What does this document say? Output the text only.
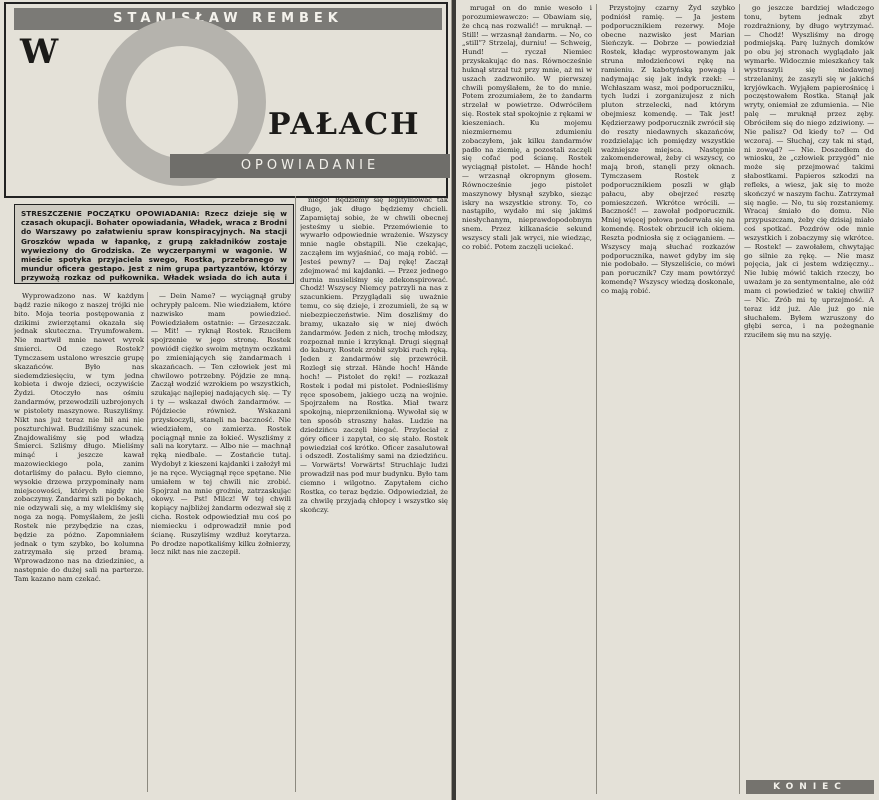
STANISŁAW REMBEK
W
PAŁACH
OPOWIADANIE
STRESZCZENIE POCZĄTKU OPOWIADANIA: Rzecz dzieje się w czasach okupacji. Bohater opowiadania, Władek, wraca z Brodni do Warszawy po załatwieniu spraw konspiracyjnych. Na stacji Groszków wpada w łapankę, z grupą zakładników zostaje wywieziony do Grodziska. Ze wyczerpanymi w wagonie. W mieście spotyka przyjaciela swego, Rostka, przebranego w mundur oficera gestapo. Jest z nim grupa partyzantów, którzy przywożą rozkaz od pułkownika. Władek wsiada do ich auta i

Wyprowadzono nas. W każdym bądź razie nikogo z naszej trójki nie bito. Moja teoria postępowania z dzikimi zwierzętami okazała się jednak skuteczna. Tryumfowałem. Nie martwił mnie nawet wyrok śmierci. Od czego Rostek? Tymczasem ustalono wreszcie grupę skazańców. Było nas siedemdziesięciu, w tym jedna kobieta i dwoje dzieci, oczywiście Żydzi. Otoczyło nas ośmiu żandarmów, przewodzili uzbrojonych w pistolety maszynowe. Ruszyliśmy. Nikt nas już teraz nie bił ani nie poszturchiwał. Budziliśmy szacunek. Znajdowaliśmy się pod władzą Śmierci. Szliśmy długo. Mieliśmy minąć i jeszcze kawał mazowieckiego pola, zanim dotarliśmy do pałacu. Było ciemno, wysokie drzewa przypominały nam miejscowości, których nigdy nie zobaczymy. Żandarmi szli po bokach, nie odzywali się, a my wlekliśmy się noga za nogą. Pomyślałem, że jeśli Rostek nie przybędzie na czas, będzie za późno. Zapomniałem jednak o tym szybko, bo kolumna zatrzymała się przed bramą. Wprowadzono nas na dziedziniec, a następnie do dużej sali na parterze. Tam kazano nam czekać.

— Dein Name? — wyciągnął gruby ochrypły palcem. Nie wiedziałem, które nazwisko mam powiedzieć. Powiedziałem ostatnie: — Grzeszczak. — Mit! — ryknął Rostek. Rzuciłem spojrzenie w jego stronę. Rostek powiódł ciężko swoim mętnym oczkami po zmieniających się żandarmach i skazańcach. — Ten człowiek jest mi chwilowo potrzebny. Pójdzie ze mną. Zaczął wodzić wzrokiem po wszystkich, szukając najlepiej nadających się. — Ty i ty — wskazał dwóch żandarmów. — Pójdziecie również. Wskazani przyskoczyli, stanęli na baczność. Nie wiedziałem, co zamierza. Rostek pociągnął mnie za łokieć. Wyszliśmy z sali na korytarz. — Albo nie — machnął ręką niedbale. — Zostańcie tutaj. Wydobył z kieszeni kajdanki i założył mi je na ręce. Wyciągnął ręce spętane. Nie umiałem w tej chwili nic zrobić. Spojrzał na mnie groźnie, zatrzaskując okowy. — Pst! Milcz! W tej chwili kopiący najbliżej żandarm odezwał się z cicha. Rostek odpowiedział mu coś po niemiecku i odprowadził mnie pod ścianę. Ruszyliśmy wzdłuż korytarza. Po drodze napotkaliśmy kilku żołnierzy, lecz nikt nas nie zaczepił.

niego! Będziemy się legitymować tak długo, jak długo będziemy chcieli. Zapamiętaj sobie, że w chwili obecnej jesteśmy u siebie. Przemówienie to wywarło odpowiednie wrażenie. Wszyscy mnie nagle obstąpili. Nie czekając, zacząłem im wyjaśniać, co mają robić. — Jesteś pewny? — Daj rękę! Zaczął zdejmować mi kajdanki. — Przez jednego durnia musieliśmy się zdekonspirować. Chodź! Wszyscy Niemcy patrzyli na nas z szacunkiem. Przyglądali się uważnie temu, co się dzieje, i zrozumieli, że są w niebezpieczeństwie. Nim doszliśmy do bramy, ukazało się w niej dwóch żandarmów. Jeden z nich, trochę młodszy, rozpoznał mnie i krzyknął. Drugi sięgnął do kabury. Rostek zrobił szybki ruch ręką. Jeden z żandarmów się przewrócił. Rozległ się strzał. Hände hoch! Hände hoch! — Pistolet do ręki! — rozkazał Rostek i podał mi pistolet. Podnieśliśmy ręce sposobem, jakiego uczą na wojnie. Spojrzałem na Rostka. Miał twarz spokojną, nieprzeniknioną. Wywołał się w ten sposób straszny hałas. Ludzie na dziedzińcu zaczęli biegać. Przyleciał z góry oficer i zapytał, co się stało. Rostek powiedział coś krótko. Oficer zasalutował i odszedł. Zostaliśmy sami na dziedzińcu. — Vorwärts! Vorwärts! Struchlajc ludzi prowadził nas pod mur budynku. Było tam ciemno i wilgotno. Zapytałem cicho Rostka, co teraz będzie. Odpowiedział, że za chwilę przyjadą chłopcy i wszystko się skończy.

mrugał on do mnie wesoło i porozumiewawczo: — Obawiam się, że chcą nas rozwalić! — mruknął. — Still! — wrzasnął żandarm. — No, co „still”? Strzelaj, durniu! — Schweig, Hund! — ryczał Niemiec przyskakując do nas. Równocześnie huknął strzał tuż przy mnie, aż mi w uszach zadzwoniło. W pierwszej chwili pomyślałem, że to do mnie. Potem zrozumiałem, że to żandarm strzelał w powietrze. Odwróciłem się. Rostek stał spokojnie z rękami w kieszeniach. Ku mojemu niezmiernemu zdumieniu zobaczyłem, jak kilku żandarmów padło na ziemię, a pozostali zaczęli się cofać pod ścianę. Rostek wyciągnął pistolet. — Hände hoch! — wrzasnął okropnym głosem. Równocześnie jego pistolet maszynowy błysnął szybko, sieząc iskry na wszystkie strony. To, co nastąpiło, wydało mi się jakimś niesłychanym, nieprawdopodobnym snem. Przez kilkanaście sekund wszyscy stali jak wryci, nie wiedząc, co robić. Potem zaczęli uciekać.

Przystojny czarny Żyd szybko podniósł ramię. — Ja jestem podporucznikiem rezerwy. Moje obecne nazwisko jest Marian Sieńczyk. — Dobrze — powiedział Rostek, kładąc wyprostowanym jak struna młodzieńcowi rękę na ramieniu. Z kabotyńską powagą i nadymając się jak indyk rzekł: — Wchłaszam wasz, moi podporuczniku, tych ludzi i zorganizujesz z nich pluton strzelecki, nad którym obejmiesz komendę. — Tak jest! Kędzierzawy podporucznik zwrócił się do reszty niedawnych skazańców, rozdzielając ich pomiędzy wszystkie ważniejsze miejsca. Następnie zakomenderował, żeby ci wszyscy, co mają broń, stanęli przy oknach. Tymczasem Rostek z podporucznikiem poszli w głąb pałacu, aby obejrzeć resztę pomieszczeń. Wkrótce wrócili. — Baczność! — zawołał podporucznik. Mniej więcej połowa poderwała się na komendę. Rostek obrzucił ich okiem. Reszta podniosła się z ociąganiem. — Wszyscy mają słuchać rozkazów podporucznika, nawet gdyby im się nie podobało. — Słyszeliście, co mówi pan porucznik? Czy mam powtórzyć komendę? Wszyscy wiedzą doskonale, co mają robić.

go jeszcze bardziej władczego tonu, bytem jednak zbyt rozdrażniony, by długo wytrzymać. — Chodź! Wyszliśmy na drogę podmiejską. Parę lużnych domków po obu jej stronach wyglądało jak wymarłe. Widocznie mieszkańcy tak wystraszyli się niedawnej strzelaniny, że zaszyli się w jakichś kryjówkach. Wyjąłem papierośnicę i poczęstowałem Rostka. Stanął jak wryty, oniemiał ze zdumienia. — Nie palę — mruknął przez zęby. Obróciłem się do niego zdziwiony. — Nie palisz? Od kiedy to? — Od wczoraj. — Słuchaj, czy tak ni stąd, ni zowąd? — Nie. Doszedłem do wniosku, że „człowiek przygód” nie może się przejmować takimi słabostkami. Papieros szkodzi na refleks, a wiesz, jak się to może skończyć w naszym fachu. Zatrzymał się nagle. — No, tu się rozstaniemy. Wracaj śmiało do domu. Nie przypuszczam, żeby cię dzisiaj miało coś spotkać. Pozdrów ode mnie wszystkich i zobaczymy się wkrótce. — Rostek! — zawołałem, chwytając go silnie za rękę. — Nie masz pojęcia, jak ci jestem wdzięczny... Nie lubię mówić takich rzeczy, bo uważam je za sentymentalne, ale cóż mam ci powiedzieć w takiej chwili? — Nic. Zrób mi tę uprzejmość. A teraz idź już. Ale już go nie słuchałem. Byłem wzruszony do głębi serca, i na pożegnanie rzuciłem się mu na szyję.

KONIEC
